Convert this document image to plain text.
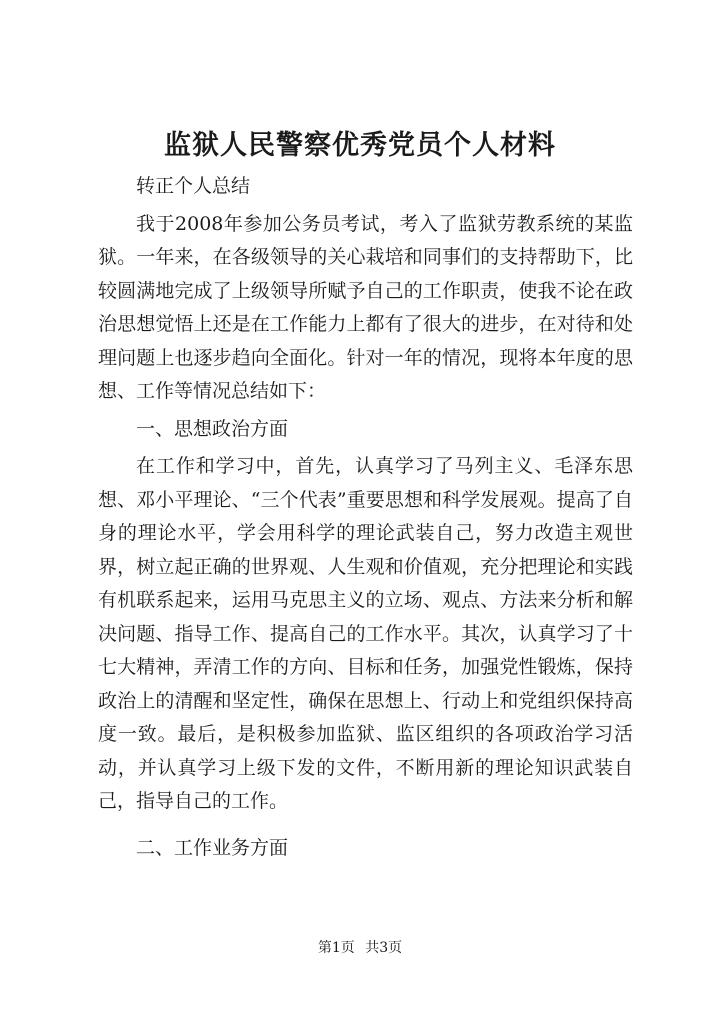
监狱人民警察优秀党员个人材料

转正个人总结

我于2008年参加公务员考试，考入了监狱劳教系统的某监狱。一年来，在各级领导的关心栽培和同事们的支持帮助下，比较圆满地完成了上级领导所赋予自己的工作职责，使我不论在政治思想觉悟上还是在工作能力上都有了很大的进步，在对待和处理问题上也逐步趋向全面化。针对一年的情况，现将本年度的思想、工作等情况总结如下：

一、思想政治方面

在工作和学习中，首先，认真学习了马列主义、毛泽东思想、邓小平理论、“三个代表”重要思想和科学发展观。提高了自身的理论水平，学会用科学的理论武装自己，努力改造主观世界，树立起正确的世界观、人生观和价值观，充分把理论和实践有机联系起来，运用马克思主义的立场、观点、方法来分析和解决问题、指导工作、提高自己的工作水平。其次，认真学习了十七大精神，弄清工作的方向、目标和任务，加强党性锻炼，保持政治上的清醒和坚定性，确保在思想上、行动上和党组织保持高度一致。最后，是积极参加监狱、监区组织的各项政治学习活动，并认真学习上级下发的文件，不断用新的理论知识武装自己，指导自己的工作。

二、工作业务方面

第1页 共3页
